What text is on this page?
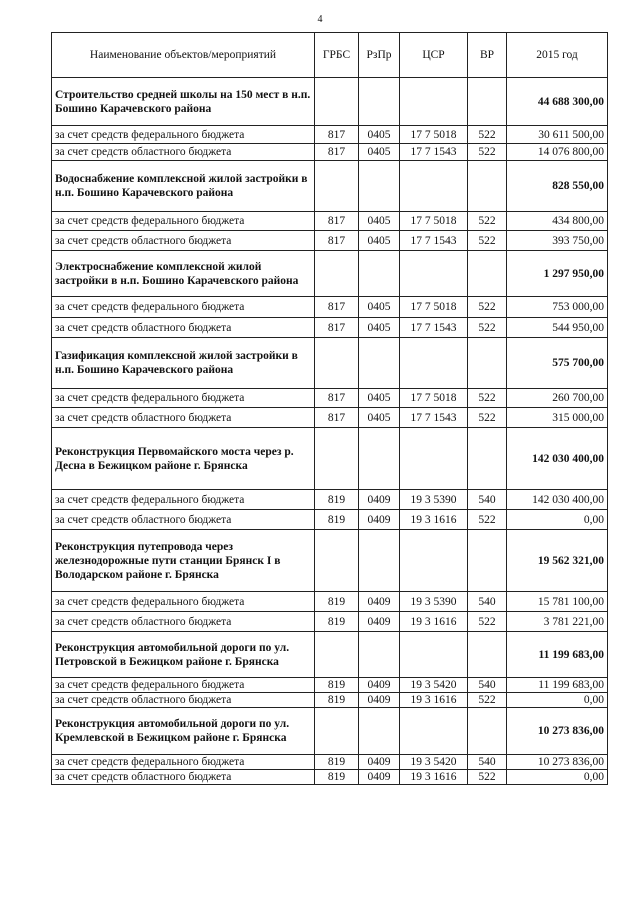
4
Наименование объектов/мероприятий	ГРБС	РзПр	ЦСР	ВР	2015 год
Строительство средней школы на 150 мест в н.п. Бошино Карачевского района					44 688 300,00
за счет средств федерального бюджета	817	0405	17 7 5018	522	30 611 500,00
за счет средств областного бюджета	817	0405	17 7 1543	522	14 076 800,00
Водоснабжение комплексной жилой застройки в н.п. Бошино Карачевского района					828 550,00
за счет средств федерального бюджета	817	0405	17 7 5018	522	434 800,00
за счет средств областного бюджета	817	0405	17 7 1543	522	393 750,00
Электроснабжение комплексной жилой застройки в н.п. Бошино Карачевского района					1 297 950,00
за счет средств федерального бюджета	817	0405	17 7 5018	522	753 000,00
за счет средств областного бюджета	817	0405	17 7 1543	522	544 950,00
Газификация комплексной жилой застройки в н.п. Бошино Карачевского района					575 700,00
за счет средств федерального бюджета	817	0405	17 7 5018	522	260 700,00
за счет средств областного бюджета	817	0405	17 7 1543	522	315 000,00
Реконструкция Первомайского моста через р. Десна в Бежицком районе г. Брянска					142 030 400,00
за счет средств федерального бюджета	819	0409	19 3 5390	540	142 030 400,00
за счет средств областного бюджета	819	0409	19 3 1616	522	0,00
Реконструкция путепровода через железнодорожные пути станции Брянск I в Володарском районе г. Брянска					19 562 321,00
за счет средств федерального бюджета	819	0409	19 3 5390	540	15 781 100,00
за счет средств областного бюджета	819	0409	19 3 1616	522	3 781 221,00
Реконструкция автомобильной дороги по ул. Петровской в Бежицком районе г. Брянска					11 199 683,00
за счет средств федерального бюджета	819	0409	19 3 5420	540	11 199 683,00
за счет средств областного бюджета	819	0409	19 3 1616	522	0,00
Реконструкция автомобильной дороги по ул. Кремлевской в Бежицком районе г. Брянска					10 273 836,00
за счет средств федерального бюджета	819	0409	19 3 5420	540	10 273 836,00
за счет средств областного бюджета	819	0409	19 3 1616	522	0,00
